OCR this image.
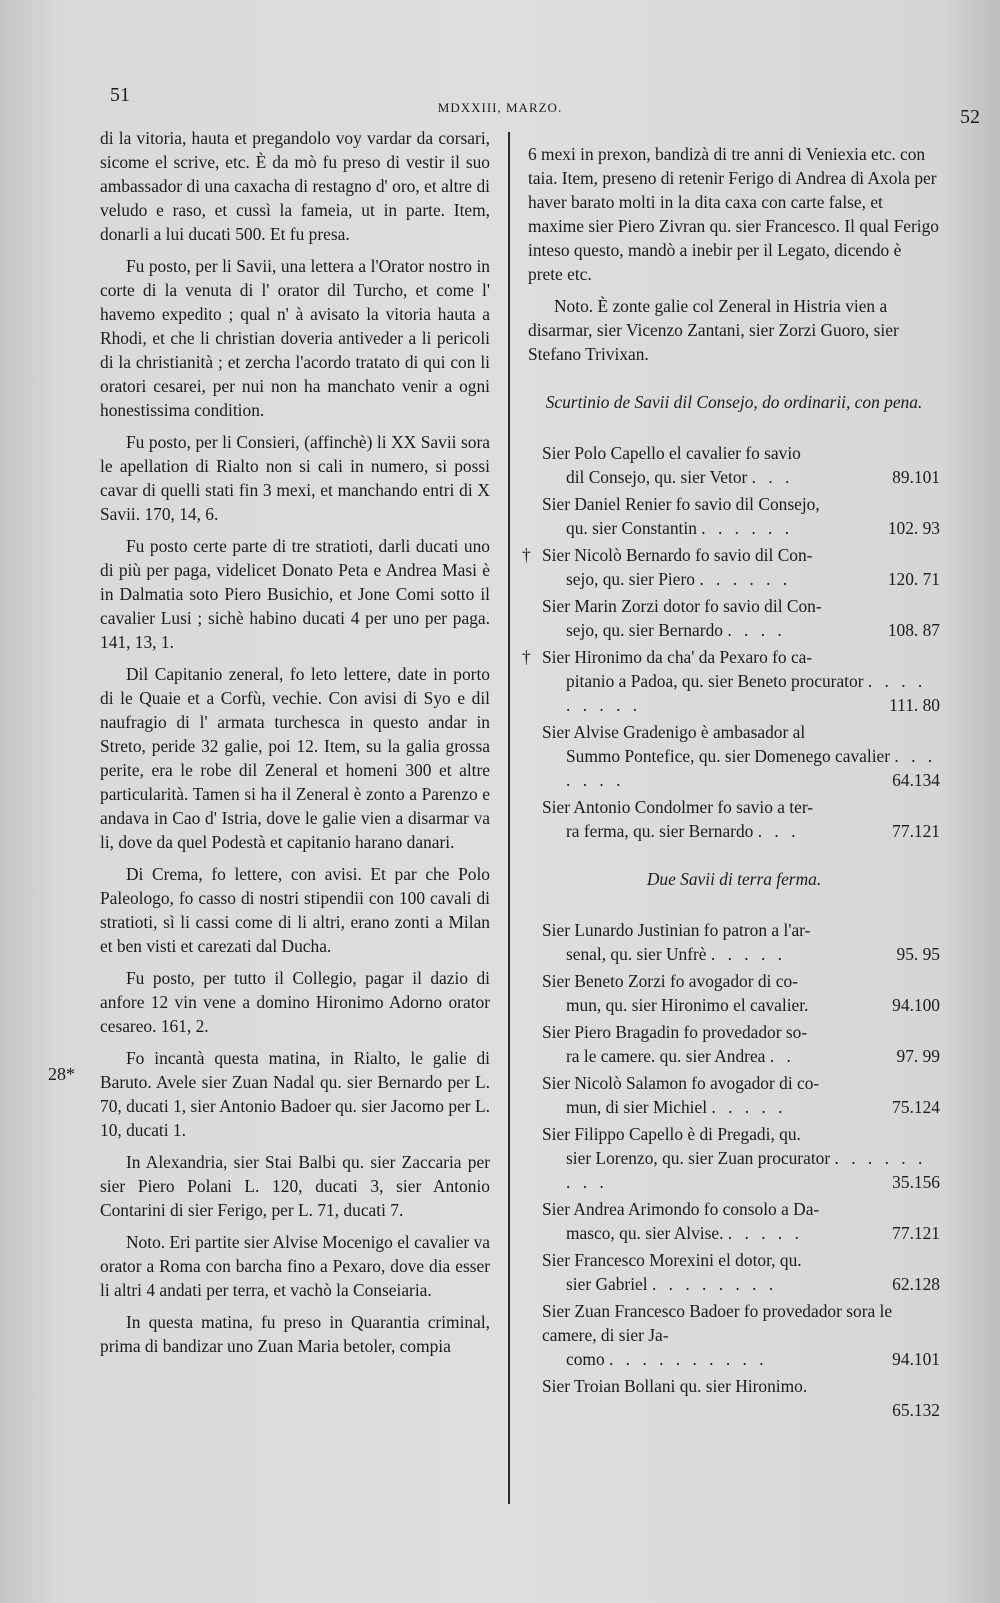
51
MDXXIII, MARZO.	52
28*

di la vitoria, hauta et pregandolo voy vardar da corsari, sicome el scrive, etc. È da mò fu preso di vestir il suo ambassador di una caxacha di restagno d' oro, et altre di veludo e raso, et cussì la fameia, ut in parte. Item, donarli a lui ducati 500. Et fu presa.

Fu posto, per li Savii, una lettera a l'Orator nostro in corte di la venuta di l' orator dil Turcho, et come l' havemo expedito ; qual n' à avisato la vitoria hauta a Rhodi, et che li christian doveria antiveder a li pericoli di la christianità ; et zercha l'acordo tratato di qui con li oratori cesarei, per nui non ha manchato venir a ogni honestissima condition.

Fu posto, per li Consieri, (affinchè) li XX Savii sora le apellation di Rialto non si cali in numero, si possi cavar di quelli stati fin 3 mexi, et manchando entri di X Savii. 170, 14, 6.

Fu posto certe parte di tre stratioti, darli ducati uno di più per paga, videlicet Donato Peta e Andrea Masi è in Dalmatia soto Piero Busichio, et Jone Comi sotto il cavalier Lusi ; sichè habino ducati 4 per uno per paga. 141, 13, 1.

Dil Capitanio zeneral, fo leto lettere, date in porto di le Quaie et a Corfù, vechie. Con avisi di Syo e dil naufragio di l' armata turchesca in questo andar in Streto, peride 32 galie, poi 12. Item, su la galia grossa perite, era le robe dil Zeneral et homeni 300 et altre particularità. Tamen si ha il Zeneral è zonto a Parenzo e andava in Cao d' Istria, dove le galie vien a disarmar va li, dove da quel Podestà et capitanio harano danari.

Di Crema, fo lettere, con avisi. Et par che Polo Paleologo, fo casso di nostri stipendii con 100 cavali di stratioti, sì li cassi come di li altri, erano zonti a Milan et ben visti et carezati dal Ducha.

Fu posto, per tutto il Collegio, pagar il dazio di anfore 12 vin vene a domino Hironimo Adorno orator cesareo. 161, 2.

Fo incantà questa matina, in Rialto, le galie di Baruto. Avele sier Zuan Nadal qu. sier Bernardo per L. 70, ducati 1, sier Antonio Badoer qu. sier Jacomo per L. 10, ducati 1.

In Alexandria, sier Stai Balbi qu. sier Zaccaria per sier Piero Polani L. 120, ducati 3, sier Antonio Contarini di sier Ferigo, per L. 71, ducati 7.

Noto. Eri partite sier Alvise Mocenigo el cavalier va orator a Roma con barcha fino a Pexaro, dove dia esser li altri 4 andati per terra, et vachò la Conseiaria.

In questa matina, fu preso in Quarantia criminal, prima di bandizar uno Zuan Maria betoler, compia

6 mexi in prexon, bandizà di tre anni di Veniexia etc. con taia. Item, preseno di retenir Ferigo di Andrea di Axola per haver barato molti in la dita caxa con carte false, et maxime sier Piero Zivran qu. sier Francesco. Il qual Ferigo inteso questo, mandò a inebir per il Legato, dicendo è prete etc.

Noto. È zonte galie col Zeneral in Histria vien a disarmar, sier Vicenzo Zantani, sier Zorzi Guoro, sier Stefano Trivixan.

Scurtinio de Savii dil Consejo, do ordinarii, con pena.
Sier Polo Capello el cavalier fo savio
dil Consejo, qu. sier Vetor . . .	89.101
Sier Daniel Renier fo savio dil Consejo,
qu. sier Constantin . . . . . .	102. 93
† Sier Nicolò Bernardo fo savio dil Con-
sejo, qu. sier Piero . . . . . .	120. 71
Sier Marin Zorzi dotor fo savio dil Con-
sejo, qu. sier Bernardo . . . .	108. 87
† Sier Hironimo da cha' da Pexaro fo ca-
pitanio a Padoa, qu. sier Beneto procurator . . . . . . . . .	111. 80
Sier Alvise Gradenigo è ambasador al
Summo Pontefice, qu. sier Domenego cavalier . . . . . . .	64.134
Sier Antonio Condolmer fo savio a ter-
ra ferma, qu. sier Bernardo . . .	77.121
Due Savii di terra ferma.
Sier Lunardo Justinian fo patron a l'ar-
senal, qu. sier Unfrè . . . . .	95. 95
Sier Beneto Zorzi fo avogador di co-
mun, qu. sier Hironimo el cavalier.	94.100
Sier Piero Bragadin fo provedador so-
ra le camere. qu. sier Andrea . .	97. 99
Sier Nicolò Salamon fo avogador di co-
mun, di sier Michiel . . . . .	75.124
Sier Filippo Capello è di Pregadi, qu.
sier Lorenzo, qu. sier Zuan procurator . . . . . . . . .	35.156
Sier Andrea Arimondo fo consolo a Da-
masco, qu. sier Alvise. . . . . .	77.121
Sier Francesco Morexini el dotor, qu.
sier Gabriel . . . . . . . .	62.128
Sier Zuan Francesco Badoer fo provedador sora le camere, di sier Ja-
como . . . . . . . . . .	94.101
Sier Troian Bollani qu. sier Hironimo.
65.132
